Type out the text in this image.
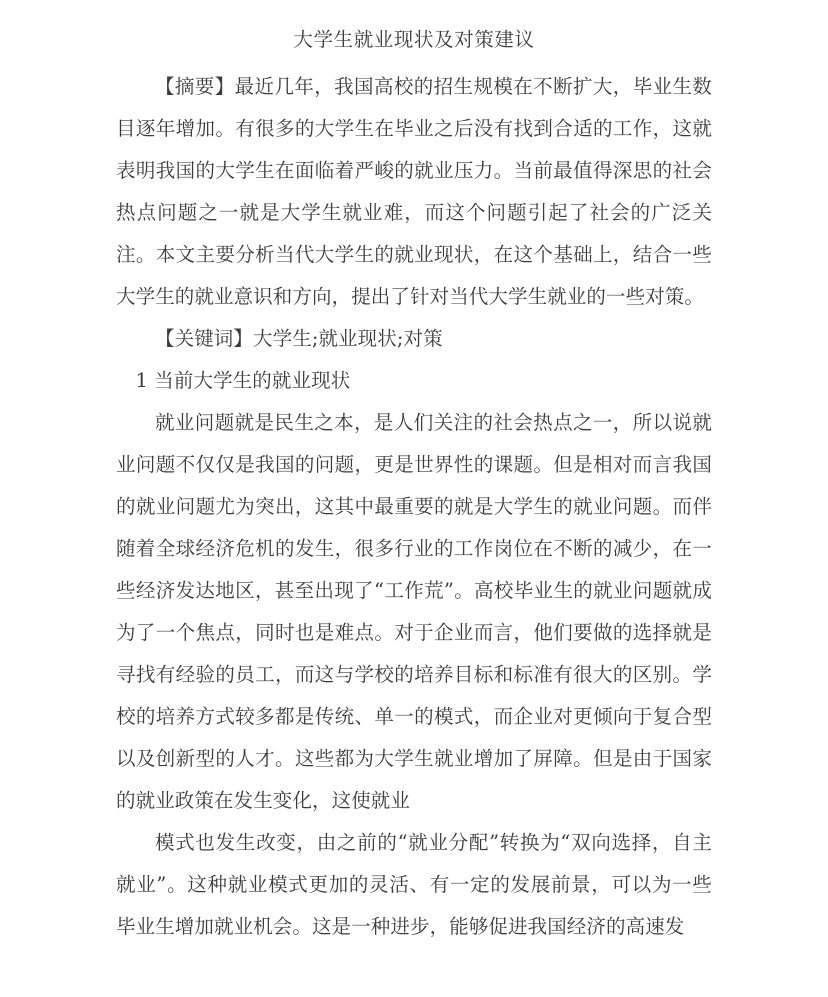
大学生就业现状及对策建议

【摘要】最近几年，我国高校的招生规模在不断扩大，毕业生数目逐年增加。有很多的大学生在毕业之后没有找到合适的工作，这就表明我国的大学生在面临着严峻的就业压力。当前最值得深思的社会热点问题之一就是大学生就业难，而这个问题引起了社会的广泛关注。本文主要分析当代大学生的就业现状，在这个基础上，结合一些大学生的就业意识和方向，提出了针对当代大学生就业的一些对策。

【关键词】大学生;就业现状;对策

1 当前大学生的就业现状

就业问题就是民生之本，是人们关注的社会热点之一，所以说就业问题不仅仅是我国的问题，更是世界性的课题。但是相对而言我国的就业问题尤为突出，这其中最重要的就是大学生的就业问题。而伴随着全球经济危机的发生，很多行业的工作岗位在不断的减少，在一些经济发达地区，甚至出现了“工作荒”。高校毕业生的就业问题就成为了一个焦点，同时也是难点。对于企业而言，他们要做的选择就是寻找有经验的员工，而这与学校的培养目标和标准有很大的区别。学校的培养方式较多都是传统、单一的模式，而企业对更倾向于复合型以及创新型的人才。这些都为大学生就业增加了屏障。但是由于国家的就业政策在发生变化，这使就业

模式也发生改变，由之前的“就业分配”转换为“双向选择，自主就业”。这种就业模式更加的灵活、有一定的发展前景，可以为一些毕业生增加就业机会。这是一种进步，能够促进我国经济的高速发
